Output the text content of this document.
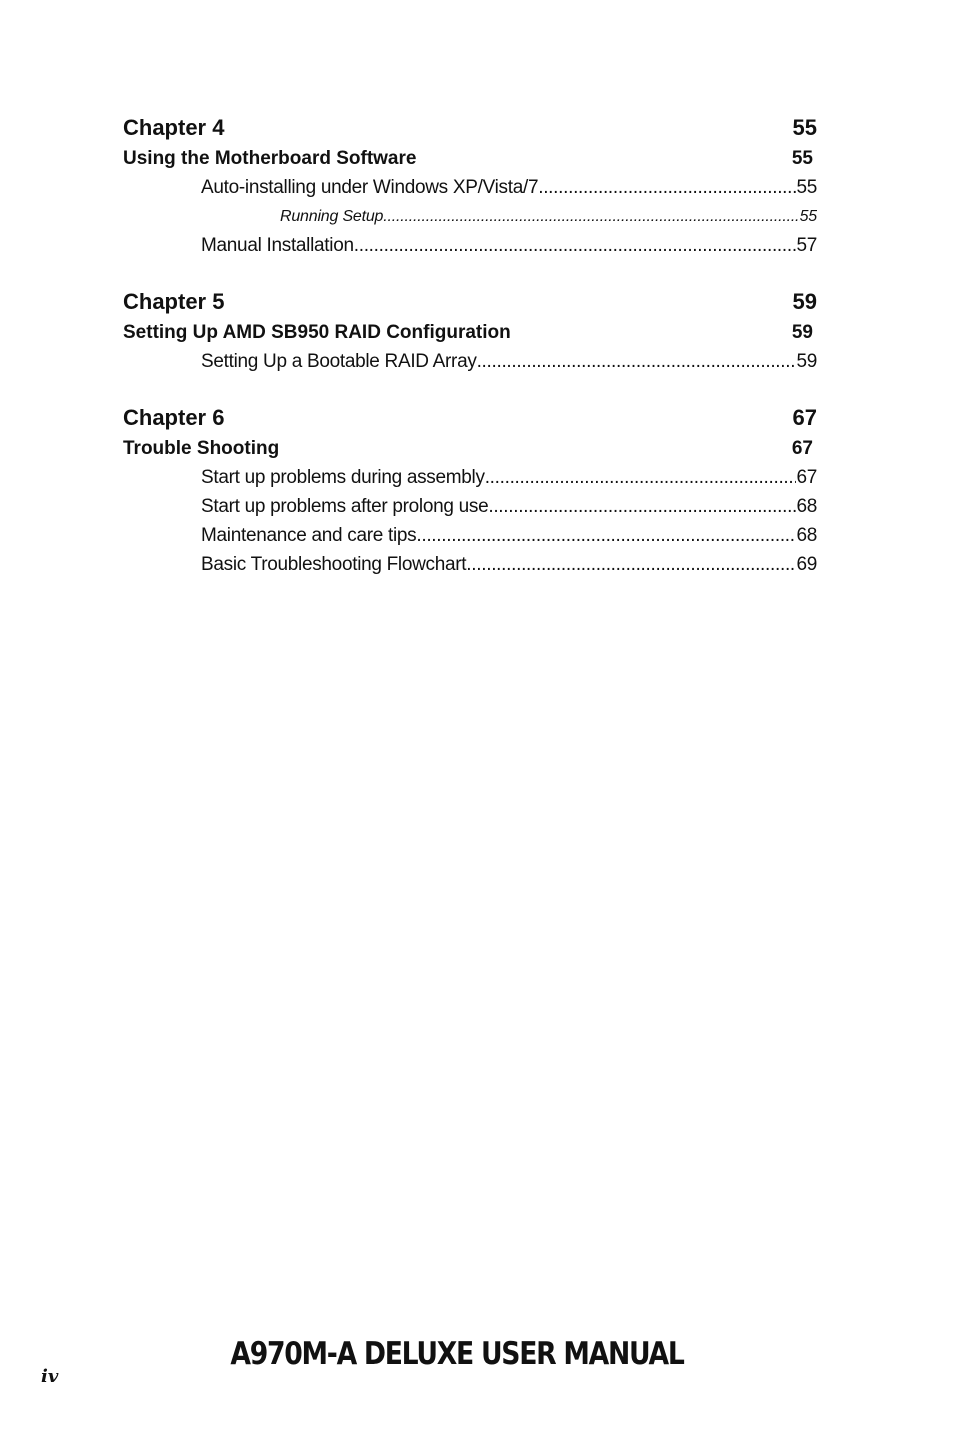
Chapter 4	55
Using the Motherboard Software	55
Auto-installing under Windows XP/Vista/7 .....	55
Running Setup .....	55
Manual Installation .....	57
Chapter 5	59
Setting Up AMD SB950 RAID Configuration	59
Setting Up a Bootable RAID Array .....	59
Chapter 6	67
Trouble Shooting	67
Start up problems during assembly .....	67
Start up problems after prolong use .....	68
Maintenance and care tips .....	68
Basic Troubleshooting Flowchart .....	69
A970M-A DELUXE USER MANUAL
iv
